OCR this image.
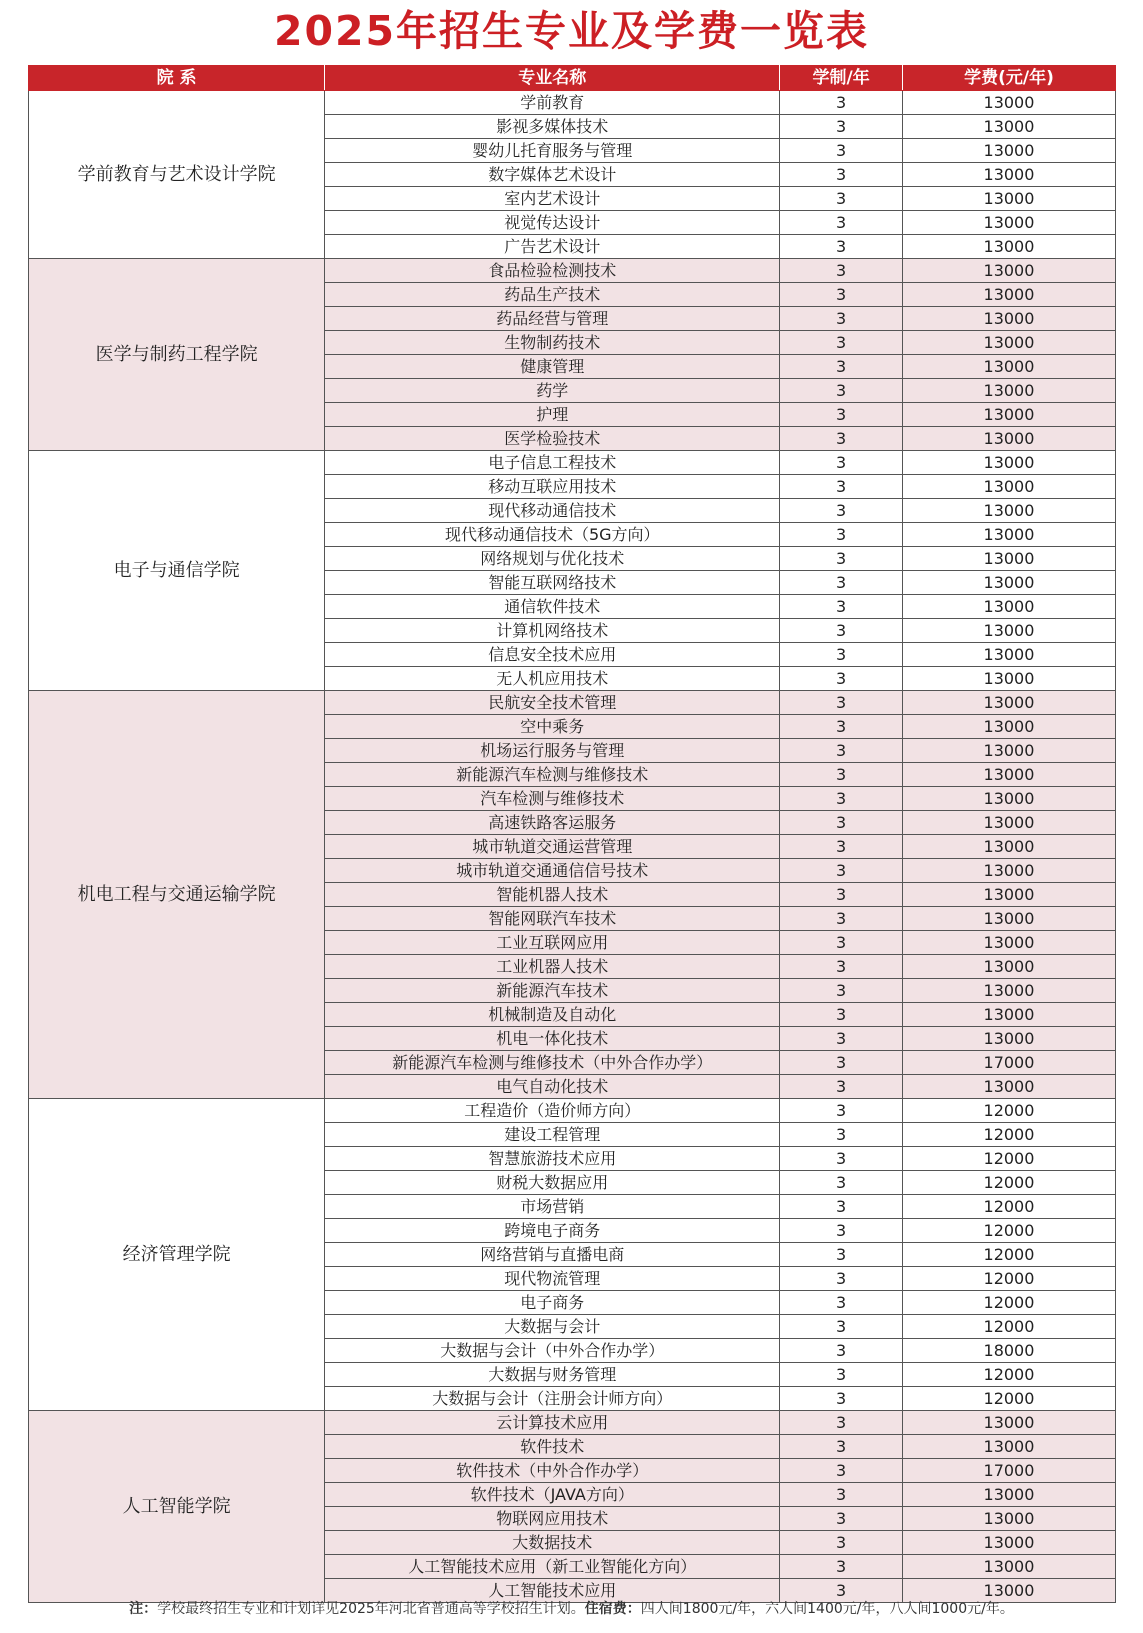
2025年招生专业及学费一览表
院 系	专业名称	学制/年	学费(元/年)
学前教育与艺术设计学院	学前教育	3	13000
	影视多媒体技术	3	13000
	婴幼儿托育服务与管理	3	13000
	数字媒体艺术设计	3	13000
	室内艺术设计	3	13000
	视觉传达设计	3	13000
	广告艺术设计	3	13000
医学与制药工程学院	食品检验检测技术	3	13000
	药品生产技术	3	13000
	药品经营与管理	3	13000
	生物制药技术	3	13000
	健康管理	3	13000
	药学	3	13000
	护理	3	13000
	医学检验技术	3	13000
电子与通信学院	电子信息工程技术	3	13000
	移动互联应用技术	3	13000
	现代移动通信技术	3	13000
	现代移动通信技术（5G方向）	3	13000
	网络规划与优化技术	3	13000
	智能互联网络技术	3	13000
	通信软件技术	3	13000
	计算机网络技术	3	13000
	信息安全技术应用	3	13000
	无人机应用技术	3	13000
机电工程与交通运输学院	民航安全技术管理	3	13000
	空中乘务	3	13000
	机场运行服务与管理	3	13000
	新能源汽车检测与维修技术	3	13000
	汽车检测与维修技术	3	13000
	高速铁路客运服务	3	13000
	城市轨道交通运营管理	3	13000
	城市轨道交通通信信号技术	3	13000
	智能机器人技术	3	13000
	智能网联汽车技术	3	13000
	工业互联网应用	3	13000
	工业机器人技术	3	13000
	新能源汽车技术	3	13000
	机械制造及自动化	3	13000
	机电一体化技术	3	13000
	新能源汽车检测与维修技术（中外合作办学）	3	17000
	电气自动化技术	3	13000
经济管理学院	工程造价（造价师方向）	3	12000
	建设工程管理	3	12000
	智慧旅游技术应用	3	12000
	财税大数据应用	3	12000
	市场营销	3	12000
	跨境电子商务	3	12000
	网络营销与直播电商	3	12000
	现代物流管理	3	12000
	电子商务	3	12000
	大数据与会计	3	12000
	大数据与会计（中外合作办学）	3	18000
	大数据与财务管理	3	12000
	大数据与会计（注册会计师方向）	3	12000
人工智能学院	云计算技术应用	3	13000
	软件技术	3	13000
	软件技术（中外合作办学）	3	17000
	软件技术（JAVA方向）	3	13000
	物联网应用技术	3	13000
	大数据技术	3	13000
	人工智能技术应用（新工业智能化方向）	3	13000
	人工智能技术应用	3	13000
注：学校最终招生专业和计划详见2025年河北省普通高等学校招生计划。住宿费：四人间1800元/年，六人间1400元/年，八人间1000元/年。
